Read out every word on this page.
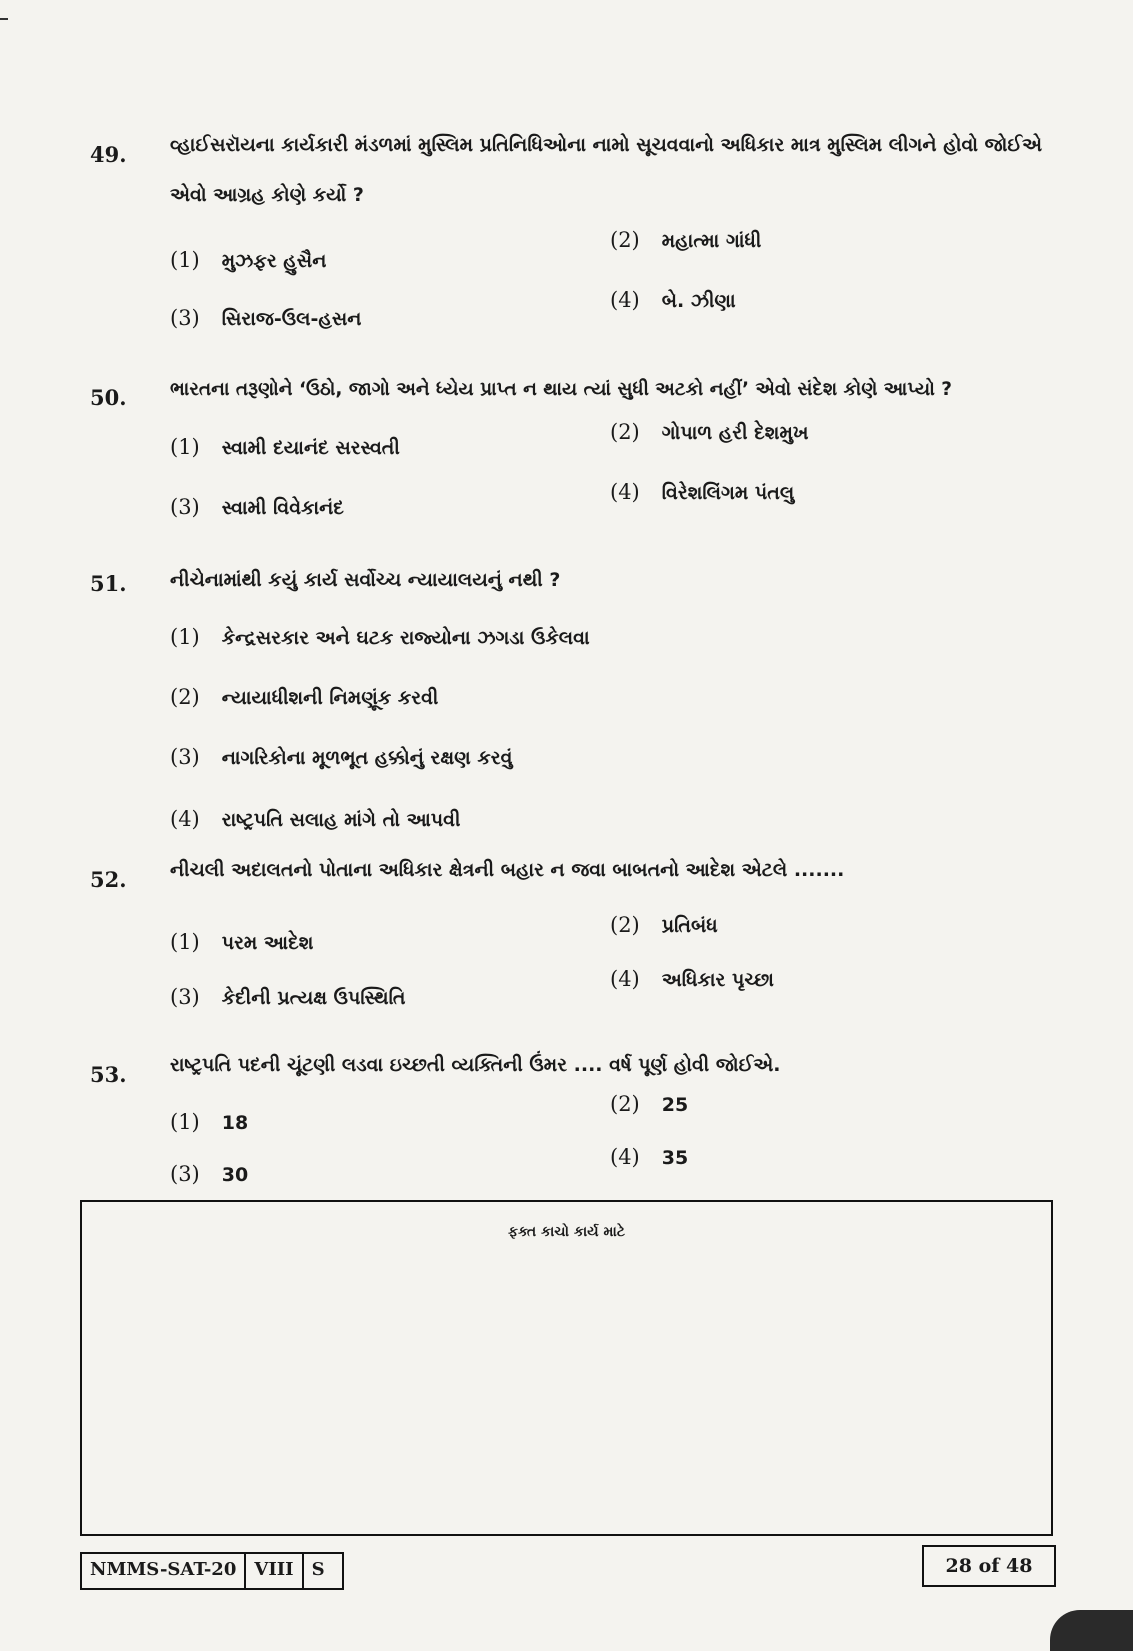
49. વ્હાઈસરૉયના કાર્યકારી મંડળમાં મુસ્લિમ પ્રતિનિધિઓના નામો સૂચવવાનો અધિકાર માત્ર મુસ્લિમ લીગને હોવો જોઈએ એવો આગ્રહ કોણે કર્યો ?
(1) મુઝફર હુસૈન
(2) મહાત્મા ગાંધી
(3) સિરાજ-ઉલ-હસન
(4) બે. ઝીણા
50. ભારતના તરૂણોને ‘ઉઠો, જાગો અને ધ્યેય પ્રાપ્ત ન થાય ત્યાં સુધી અટકો નહીં’ એવો સંદેશ કોણે આપ્યો ?
(1) સ્વામી દયાનંદ સરસ્વતી
(2) ગોપાળ હરી દેશમુખ
(3) સ્વામી વિવેકાનંદ
(4) વિરેશલિંગમ પંતલુ
51. નીચેનામાંથી કયું કાર્ય સર્વોચ્ચ ન્યાયાલયનું નથી ?
(1) કેન્દ્રસરકાર અને ઘટક રાજ્યોના ઝગડા ઉકેલવા
(2) ન્યાયાધીશની નિમણૂંક કરવી
(3) નાગરિકોના મૂળભૂત હક્કોનું રક્ષણ કરવું
(4) રાષ્ટ્રપતિ સલાહ માંગે તો આપવી
52. નીચલી અદાલતનો પોતાના અધિકાર ક્ષેત્રની બહાર ન જવા બાબતનો આદેશ એટલે .......
(1) પરમ આદેશ
(2) પ્રતિબંધ
(3) કેદીની પ્રત્યક્ષ ઉપસ્થિતિ
(4) અધિકાર પૃચ્છા
53. રાષ્ટ્રપતિ પદની ચૂંટણી લડવા ઇચ્છતી વ્યક્તિની ઉંમર .... વર્ષ પૂર્ણ હોવી જોઈએ.
(1) 18
(2) 25
(3) 30
(4) 35
ફક્ત કાચો કાર્ય માટે
NMMS-SAT-20	VIII	S	28 of 48
